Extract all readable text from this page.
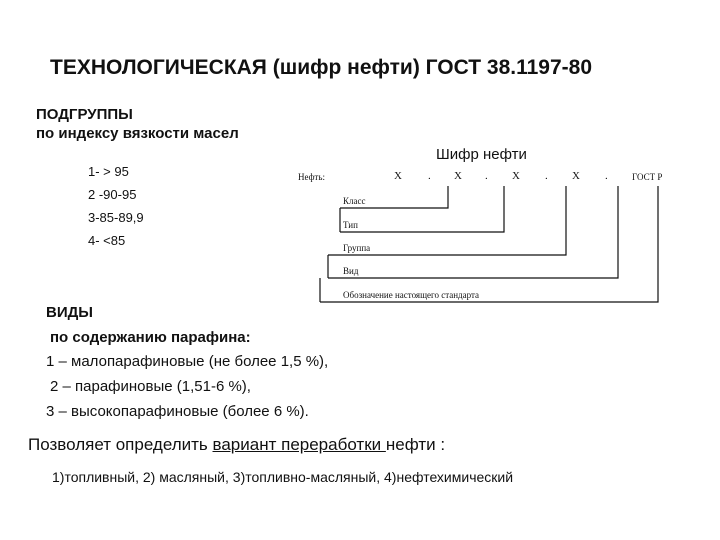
ТЕХНОЛОГИЧЕСКАЯ (шифр нефти) ГОСТ 38.1197-80
ПОДГРУППЫ
по индексу вязкости масел
1- > 95
2 -90-95
3-85-89,9
4- <85
Шифр нефти
Нефть:	X . X . X . X .	ГОСТ Р
Класс
Тип
Группа
Вид
Обозначение настоящего стандарта
ВИДЫ
по содержанию парафина:
1 – малопарафиновые (не более 1,5 %),
2 – парафиновые (1,51-6 %),
3 – высокопарафиновые (более 6 %).
Позволяет определить вариант переработки нефти :
1)топливный, 2) масляный, 3)топливно-масляный, 4)нефтехимический
